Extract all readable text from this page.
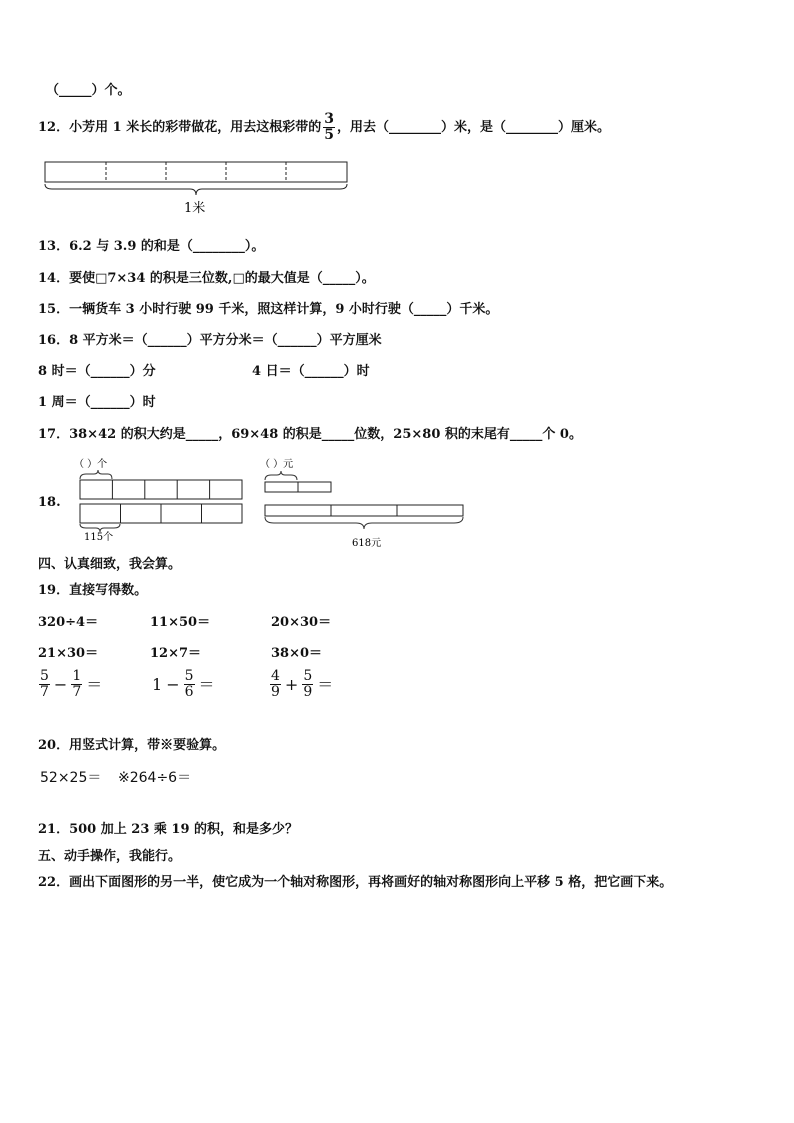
（_____）个。
12．小芳用 1 米长的彩带做花，用去这根彩带的 $\frac{3}{5}$ ，用去（________）米，是（________）厘米。
1米
13．6.2 与 3.9 的和是（________）。
14．要使□7×34 的积是三位数,□的最大值是（_____）。
15．一辆货车 3 小时行驶 99 千米，照这样计算，9 小时行驶（_____）千米。
16．8 平方米＝（______）平方分米＝（______）平方厘米
8 时＝（______）分	4 日＝（______）时
1 周＝（______）时
17．38×42 的积大约是_____，69×48 的积是_____位数，25×80 积的末尾有_____个 0。
18.
（ ）个
115个
（ ）元
618元
四、认真细致，我会算。
19．直接写得数。
320÷4＝	11×50＝	20×30＝
21×30＝	12×7＝	38×0＝
$\frac{5}{7} - \frac{1}{7}$ ＝	$1 - \frac{5}{6}$ ＝	$\frac{4}{9} + \frac{5}{9}$ ＝
20．用竖式计算，带※要验算。
52×25＝ ※264÷6＝
21．500 加上 23 乘 19 的积，和是多少？
五、动手操作，我能行。
22．画出下面图形的另一半，使它成为一个轴对称图形，再将画好的轴对称图形向上平移 5 格，把它画下来。
